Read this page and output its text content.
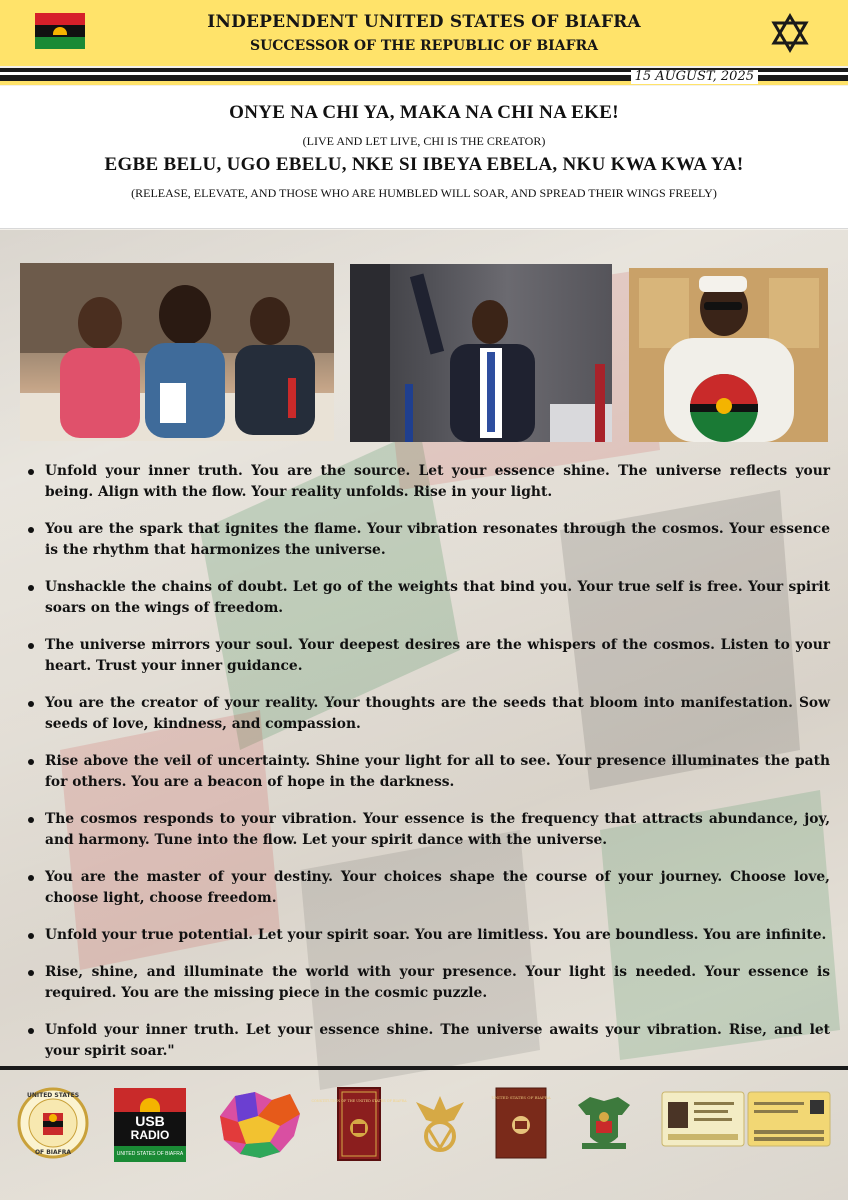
INDEPENDENT UNITED STATES OF BIAFRA
SUCCESSOR OF THE REPUBLIC OF BIAFRA
15 AUGUST, 2025
ONYE NA CHI YA, MAKA NA CHI NA EKE!
(LIVE AND LET LIVE, CHI IS THE CREATOR)
EGBE BELU, UGO EBELU, NKE SI IBEYA EBELA, NKU KWA KWA YA!
(RELEASE, ELEVATE, AND THOSE WHO ARE HUMBLED WILL SOAR, AND SPREAD THEIR WINGS FREELY)
Unfold your inner truth. You are the source. Let your essence shine. The universe reflects your being. Align with the flow. Your reality unfolds. Rise in your light.
You are the spark that ignites the flame. Your vibration resonates through the cosmos. Your essence is the rhythm that harmonizes the universe.
Unshackle the chains of doubt. Let go of the weights that bind you. Your true self is free. Your spirit soars on the wings of freedom.
The universe mirrors your soul. Your deepest desires are the whispers of the cosmos. Listen to your heart. Trust your inner guidance.
You are the creator of your reality. Your thoughts are the seeds that bloom into manifestation. Sow seeds of love, kindness, and compassion.
Rise above the veil of uncertainty. Shine your light for all to see. Your presence illuminates the path for others. You are a beacon of hope in the darkness.
The cosmos responds to your vibration. Your essence is the frequency that attracts abundance, joy, and harmony. Tune into the flow. Let your spirit dance with the universe.
You are the master of your destiny. Your choices shape the course of your journey. Choose love, choose light, choose freedom.
Unfold your true potential. Let your spirit soar. You are limitless. You are boundless. You are infinite.
Rise, shine, and illuminate the world with your presence. Your light is needed. Your essence is required. You are the missing piece in the cosmic puzzle.
Unfold your inner truth. Let your essence shine. The universe awaits your vibration. Rise, and let your spirit soar."
UNITED STATES
OF BIAFRA
USB
RADIO
UNITED STATES OF BIAFRA
CONSTITUTION OF THE UNITED STATES OF BIAFRA
UNITED STATES OF BIAFRA
